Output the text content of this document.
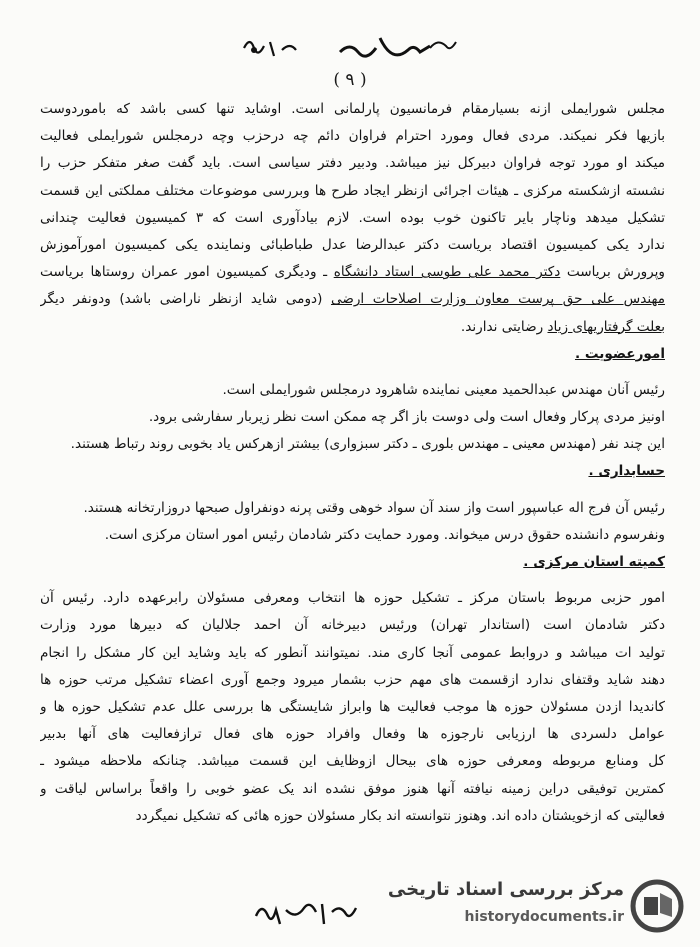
( ۹ )
مجلس شورایملی ازنه بسیارمقام فرمانسیون پارلمانی است. اوشاید تنها کسی باشد که باموردوست
بازیها فکر نمیکند. مردی فعال ومورد احترام فراوان دائم چه درحزب وچه درمجلس شورایملی فعالیت
میکند او مورد توجه فراوان دبیرکل نیز میباشد. ودبیر دفتر سیاسی است. باید گفت صغر متفکر حزب را
نشسته ازشکسته مرکزی ـ هیئات اجرائی ازنظر ایجاد طرح ها وبررسی موضوعات مختلف مملکتی این قسمت
تشکیل میدهد وناچار بایر تاکنون خوب بوده است. لازم بیادآوری است که ۳ کمیسیون فعالیت چندانی
ندارد یکی کمیسیون اقتصاد بریاست دکتر عبدالرضا عدل طباطبائی ونماینده یکی کمیسیون امورآموزش
وپرورش بریاست دکتر محمد علی طوسی استاد دانشگاه ـ ودیگری کمیسیون امور عمران روستاها بریاست
مهندس علی حق پرست معاون وزارت اصلاحات ارضی (دومی شاید ازنظر ناراضی باشد) ودونفر دیگر
بعلت گرفتاریهای زیاد رضایتی ندارند.
امورعضویت .
رئیس آنان مهندس عبدالحمید معینی نماینده شاهرود درمجلس شورایملی است.
اونیز مردی پرکار وفعال است ولی دوست باز اگر چه ممکن است نظر زیربار سفارشی برود.
این چند نفر (مهندس معینی ـ مهندس بلوری ـ دکتر سبزواری) بیشتر ازهرکس یاد بخوبی روند رتباط هستند.
حسابداری .
رئیس آن فرج اله عباسپور است واز سند آن سواد خوهی وقتی پرنه دونفراول صبحها دروزارتخانه هستند.
ونفرسوم دانشنده حقوق درس میخواند. ومورد حمایت دکتر شادمان رئیس امور استان مرکزی است.
کمیته استان مرکزی .
امور حزبی مربوط باستان مرکز ـ تشکیل حوزه ها انتخاب ومعرفی مسئولان رابرعهده دارد. رئیس آن
دکتر شادمان است (استاندار تهران) ورئیس دبیرخانه آن احمد جلالیان که دبیرها مورد وزارت
تولید ات میباشد و دروابط عمومی آنجا کاری مند. نمیتوانند آنطور که باید وشاید این کار مشکل را انجام
دهند شاید وقتفای ندارد ازقسمت های مهم حزب بشمار میرود وجمع آوری اعضاء تشکیل مرتب حوزه ها
کاندیدا ازدن مسئولان حوزه ها موجب فعالیت ها وابراز شایستگی ها بررسی علل عدم تشکیل حوزه ها و
عوامل دلسردی ها ارزیابی نارجوزه ها وفعال وافراد حوزه های فعال ترازفعالیت های آنها بدبیر
کل ومنابع مربوطه ومعرفی حوزه های بیحال ازوظایف این قسمت میباشد. چنانکه ملاحظه میشود ـ
کمترین توفیقی دراین زمینه نیافته آنها هنوز موفق نشده اند یک عضو خوبی را واقعاً براساس لیاقت و
فعالیتی که ازخویشتان داده اند. وهنوز نتوانسته اند بکار مسئولان حوزه هائی که تشکیل نمیگردد
مرکز بررسی اسناد تاریخی
historydocuments.ir
